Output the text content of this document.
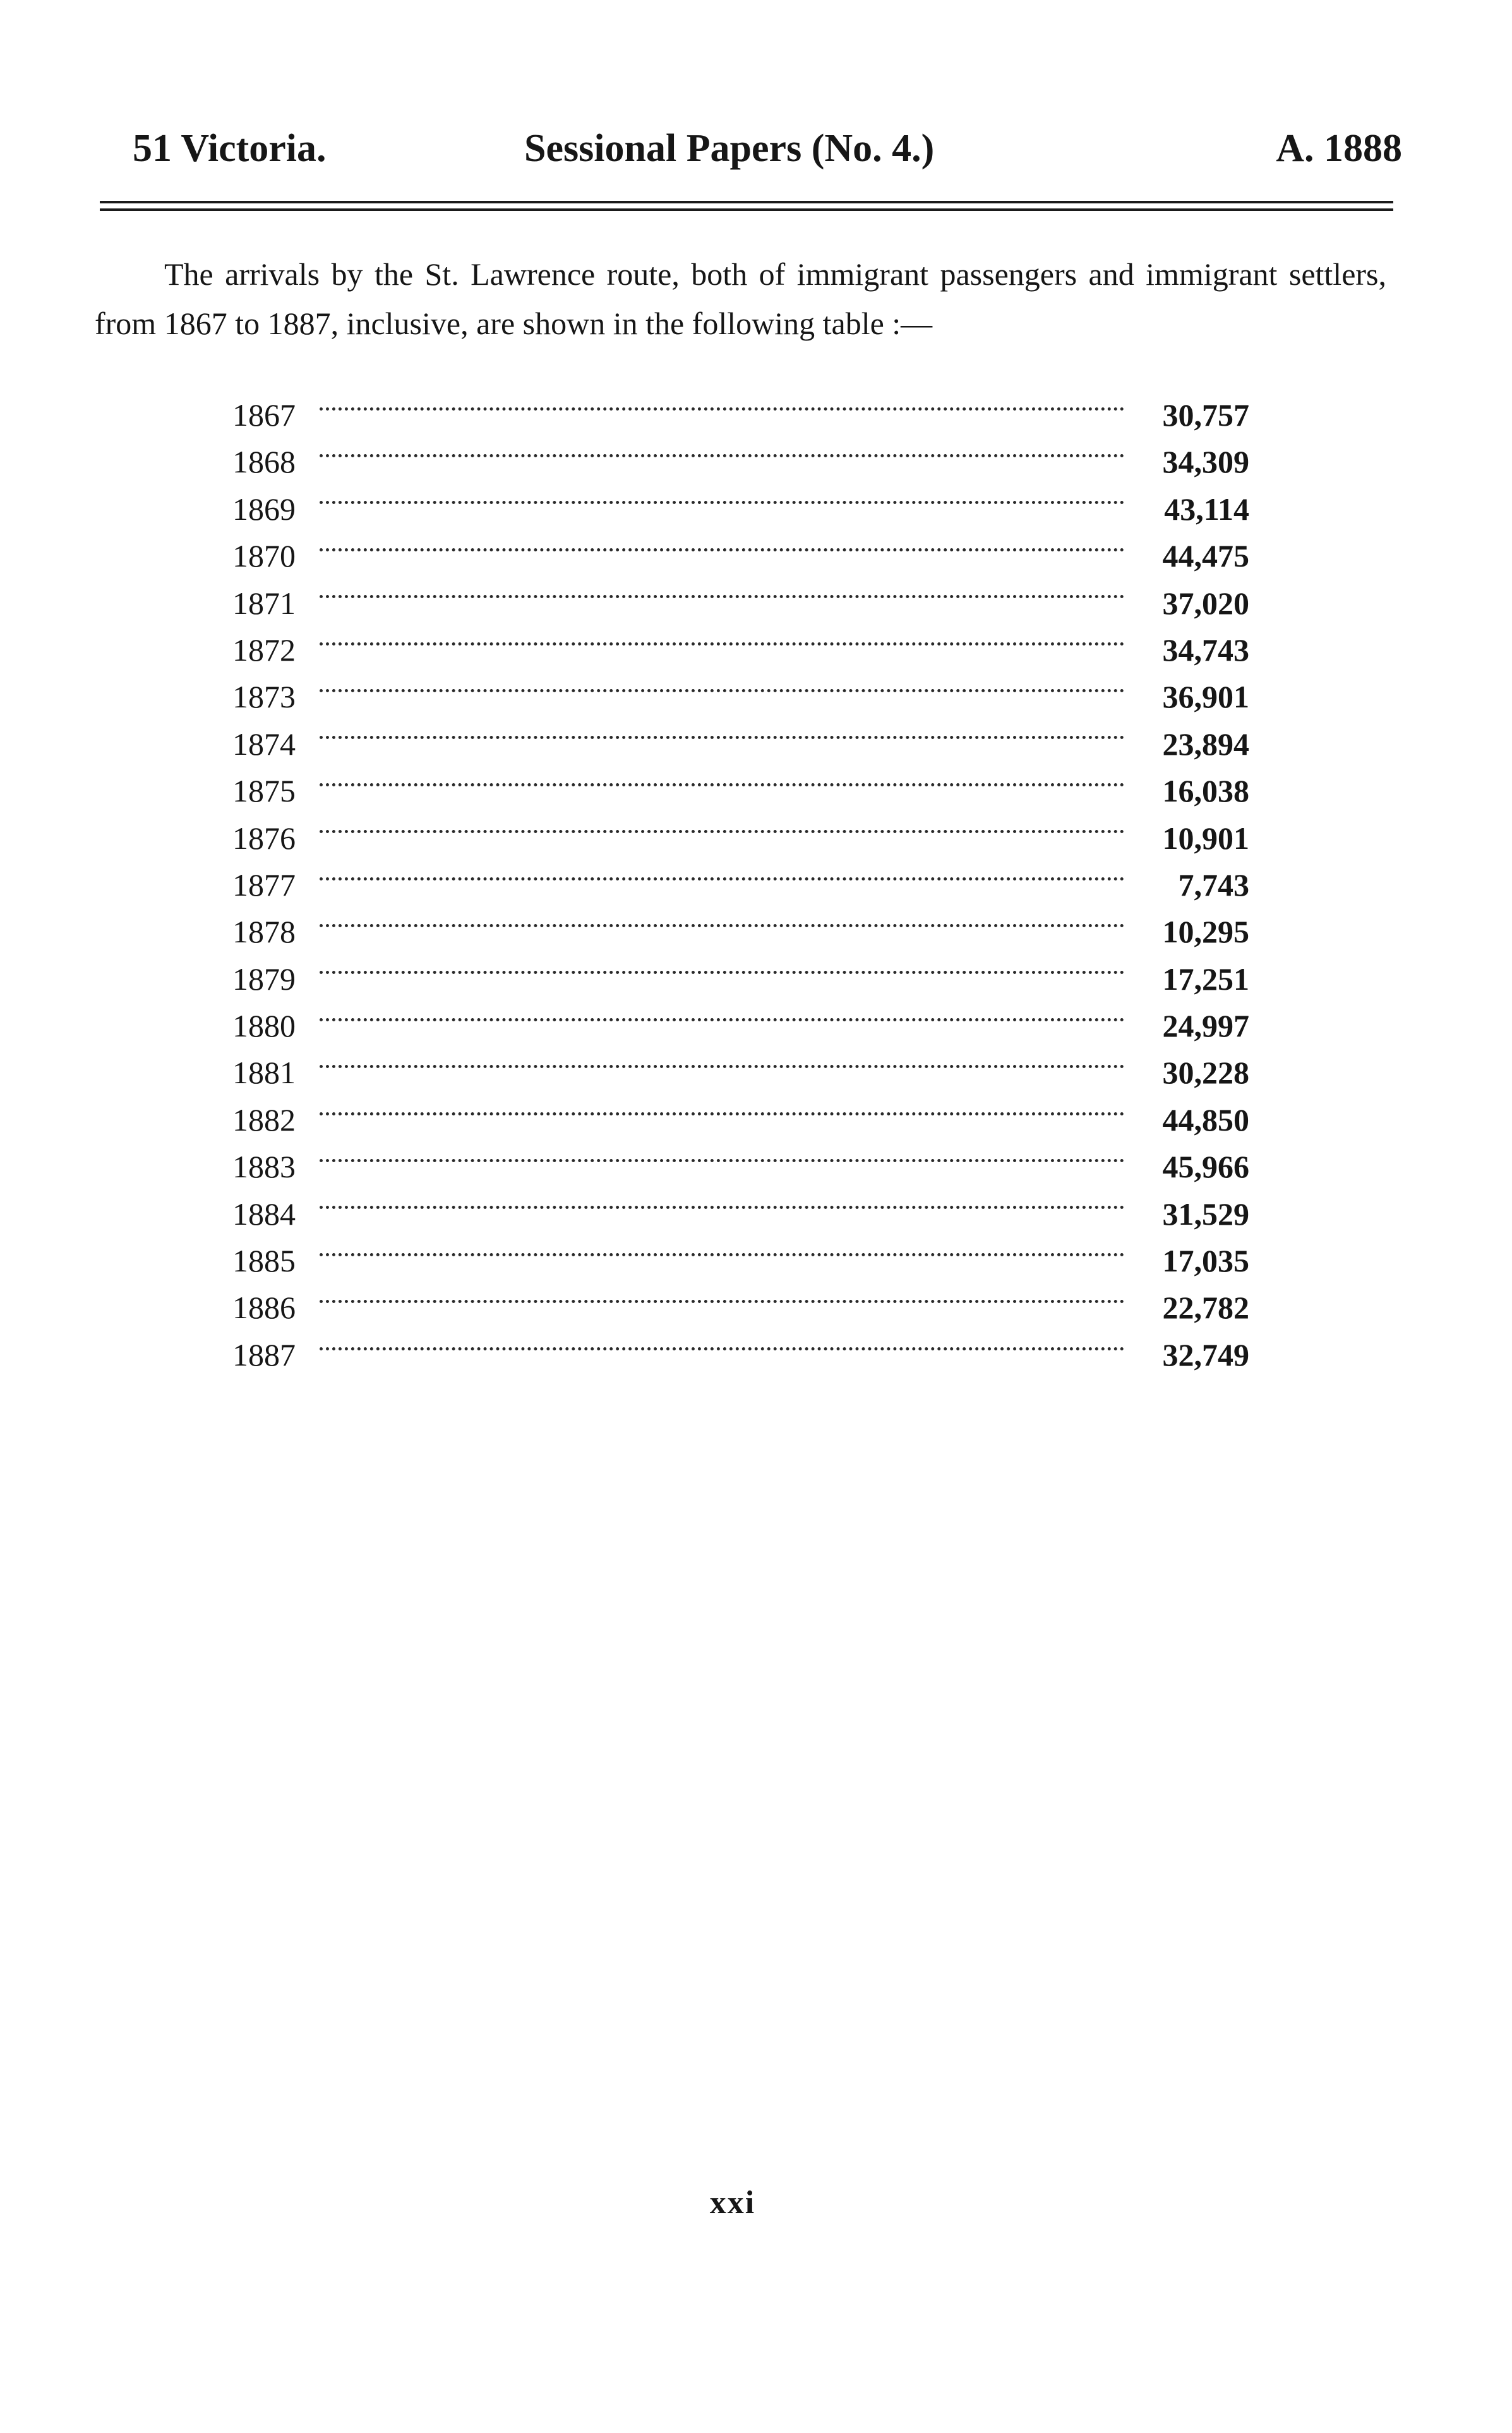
51 Victoria.	Sessional Papers (No. 4.)	A. 1888

The arrivals by the St. Lawrence route, both of immigrant passengers and immigrant settlers, from 1867 to 1887, inclusive, are shown in the following table :—

1867	30,757
1868	34,309
1869	43,114
1870	44,475
1871	37,020
1872	34,743
1873	36,901
1874	23,894
1875	16,038
1876	10,901
1877	7,743
1878	10,295
1879	17,251
1880	24,997
1881	30,228
1882	44,850
1883	45,966
1884	31,529
1885	17,035
1886	22,782
1887	32,749
xxi
